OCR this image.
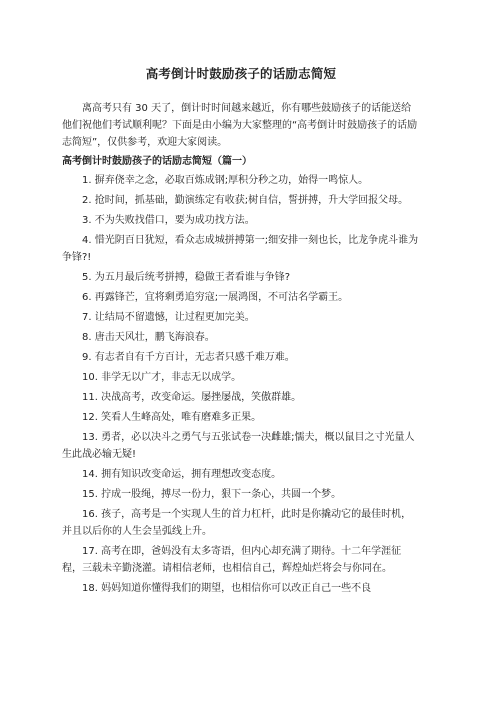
高考倒计时鼓励孩子的话励志简短

离高考只有 30 天了，倒计时时间越来越近，你有哪些鼓励孩子的话能送给他们祝他们考试顺利呢？下面是由小编为大家整理的“高考倒计时鼓励孩子的话励志简短”，仅供参考，欢迎大家阅读。

高考倒计时鼓励孩子的话励志简短（篇一）

1. 摒弃侥幸之念，必取百炼成钢;厚积分秒之功，始得一鸣惊人。

2. 抢时间，抓基础，勤演练定有收获;树自信，誓拼搏，升大学回报父母。

3. 不为失败找借口，要为成功找方法。

4. 惜光阴百日犹短，看众志成城拼搏第一;细安排一刻也长，比龙争虎斗谁为争锋?!

5. 为五月最后统考拼搏，稳做王者看谁与争锋?

6. 再露锋芒，宜将剩勇追穷寇;一展鸿图，不可沽名学霸王。

7. 让结局不留遗憾，让过程更加完美。

8. 唐击天风壮，鹏飞海浪春。

9. 有志者自有千方百计，无志者只感千难万难。

10. 非学无以广才，非志无以成学。

11. 决战高考，改变命运。屡挫屡战，笑傲群雄。

12. 笑看人生峰高处，唯有磨难多正果。

13. 勇者，必以决斗之勇气与五张试卷一决雌雄;懦夫，概以鼠目之寸光量人生此战必输无疑!

14. 拥有知识改变命运，拥有理想改变态度。

15. 拧成一股绳，搏尽一份力，狠下一条心，共圆一个梦。

16. 孩子，高考是一个实现人生的首力杠杆，此时是你撬动它的最佳时机，并且以后你的人生会呈弧线上升。

17. 高考在即，爸妈没有太多寄语，但内心却充满了期待。十二年学涯征程，三载未辛勤浇灌。请相信老师，也相信自己，辉煌灿烂将会与你同在。

18. 妈妈知道你懂得我们的期望，也相信你可以改正自己一些不良
